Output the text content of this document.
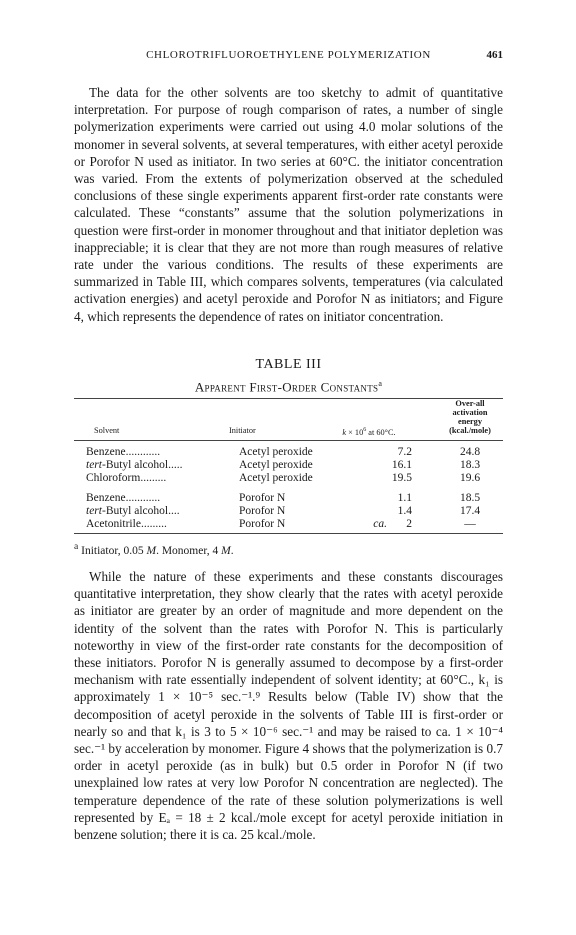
CHLOROTRIFLUOROETHYLENE POLYMERIZATION	461

The data for the other solvents are too sketchy to admit of quantitative interpretation. For purpose of rough comparison of rates, a number of single polymerization experiments were carried out using 4.0 molar solutions of the monomer in several solvents, at several temperatures, with either acetyl peroxide or Porofor N used as initiator. In two series at 60°C. the initiator concentration was varied. From the extents of polymerization observed at the scheduled conclusions of these single experiments apparent first-order rate constants were calculated. These “constants” assume that the solution polymerizations in question were first-order in monomer throughout and that initiator depletion was inappreciable; it is clear that they are not more than rough measures of relative rate under the various conditions. The results of these experiments are summarized in Table III, which compares solvents, temperatures (via calculated activation energies) and acetyl peroxide and Porofor N as initiators; and Figure 4, which represents the dependence of rates on initiator concentration.

TABLE III
Apparent First-Order Constants$^a$
Over-all
activation
energy
(kcal./mole)
Solvent	Initiator	$k \times 10^6$ at 60°C.
Benzene............	Acetyl peroxide	7.2	24.8
tert-Butyl alcohol.....	Acetyl peroxide	16.1	18.3
Chloroform.........	Acetyl peroxide	19.5	19.6
Benzene............	Porofor N	1.1	18.5
tert-Butyl alcohol....	Porofor N	1.4	17.4
Acetonitrile.........	Porofor N	ca. 2	—
$^a$ Initiator, 0.05 M. Monomer, 4 M.

While the nature of these experiments and these constants discourages quantitative interpretation, they show clearly that the rates with acetyl peroxide as initiator are greater by an order of magnitude and more dependent on the identity of the solvent than the rates with Porofor N. This is particularly noteworthy in view of the first-order rate constants for the decomposition of these initiators. Porofor N is generally assumed to decompose by a first-order mechanism with rate essentially independent of solvent identity; at 60°C., k₁ is approximately 1 × 10⁻⁵ sec.⁻¹.⁹ Results below (Table IV) show that the decomposition of acetyl peroxide in the solvents of Table III is first-order or nearly so and that k₁ is 3 to 5 × 10⁻⁶ sec.⁻¹ and may be raised to ca. 1 × 10⁻⁴ sec.⁻¹ by acceleration by monomer. Figure 4 shows that the polymerization is 0.7 order in acetyl peroxide (as in bulk) but 0.5 order in Porofor N (if two unexplained low rates at very low Porofor N concentration are neglected). The temperature dependence of the rate of these solution polymerizations is well represented by Eₐ = 18 ± 2 kcal./mole except for acetyl peroxide initiation in benzene solution; there it is ca. 25 kcal./mole.
